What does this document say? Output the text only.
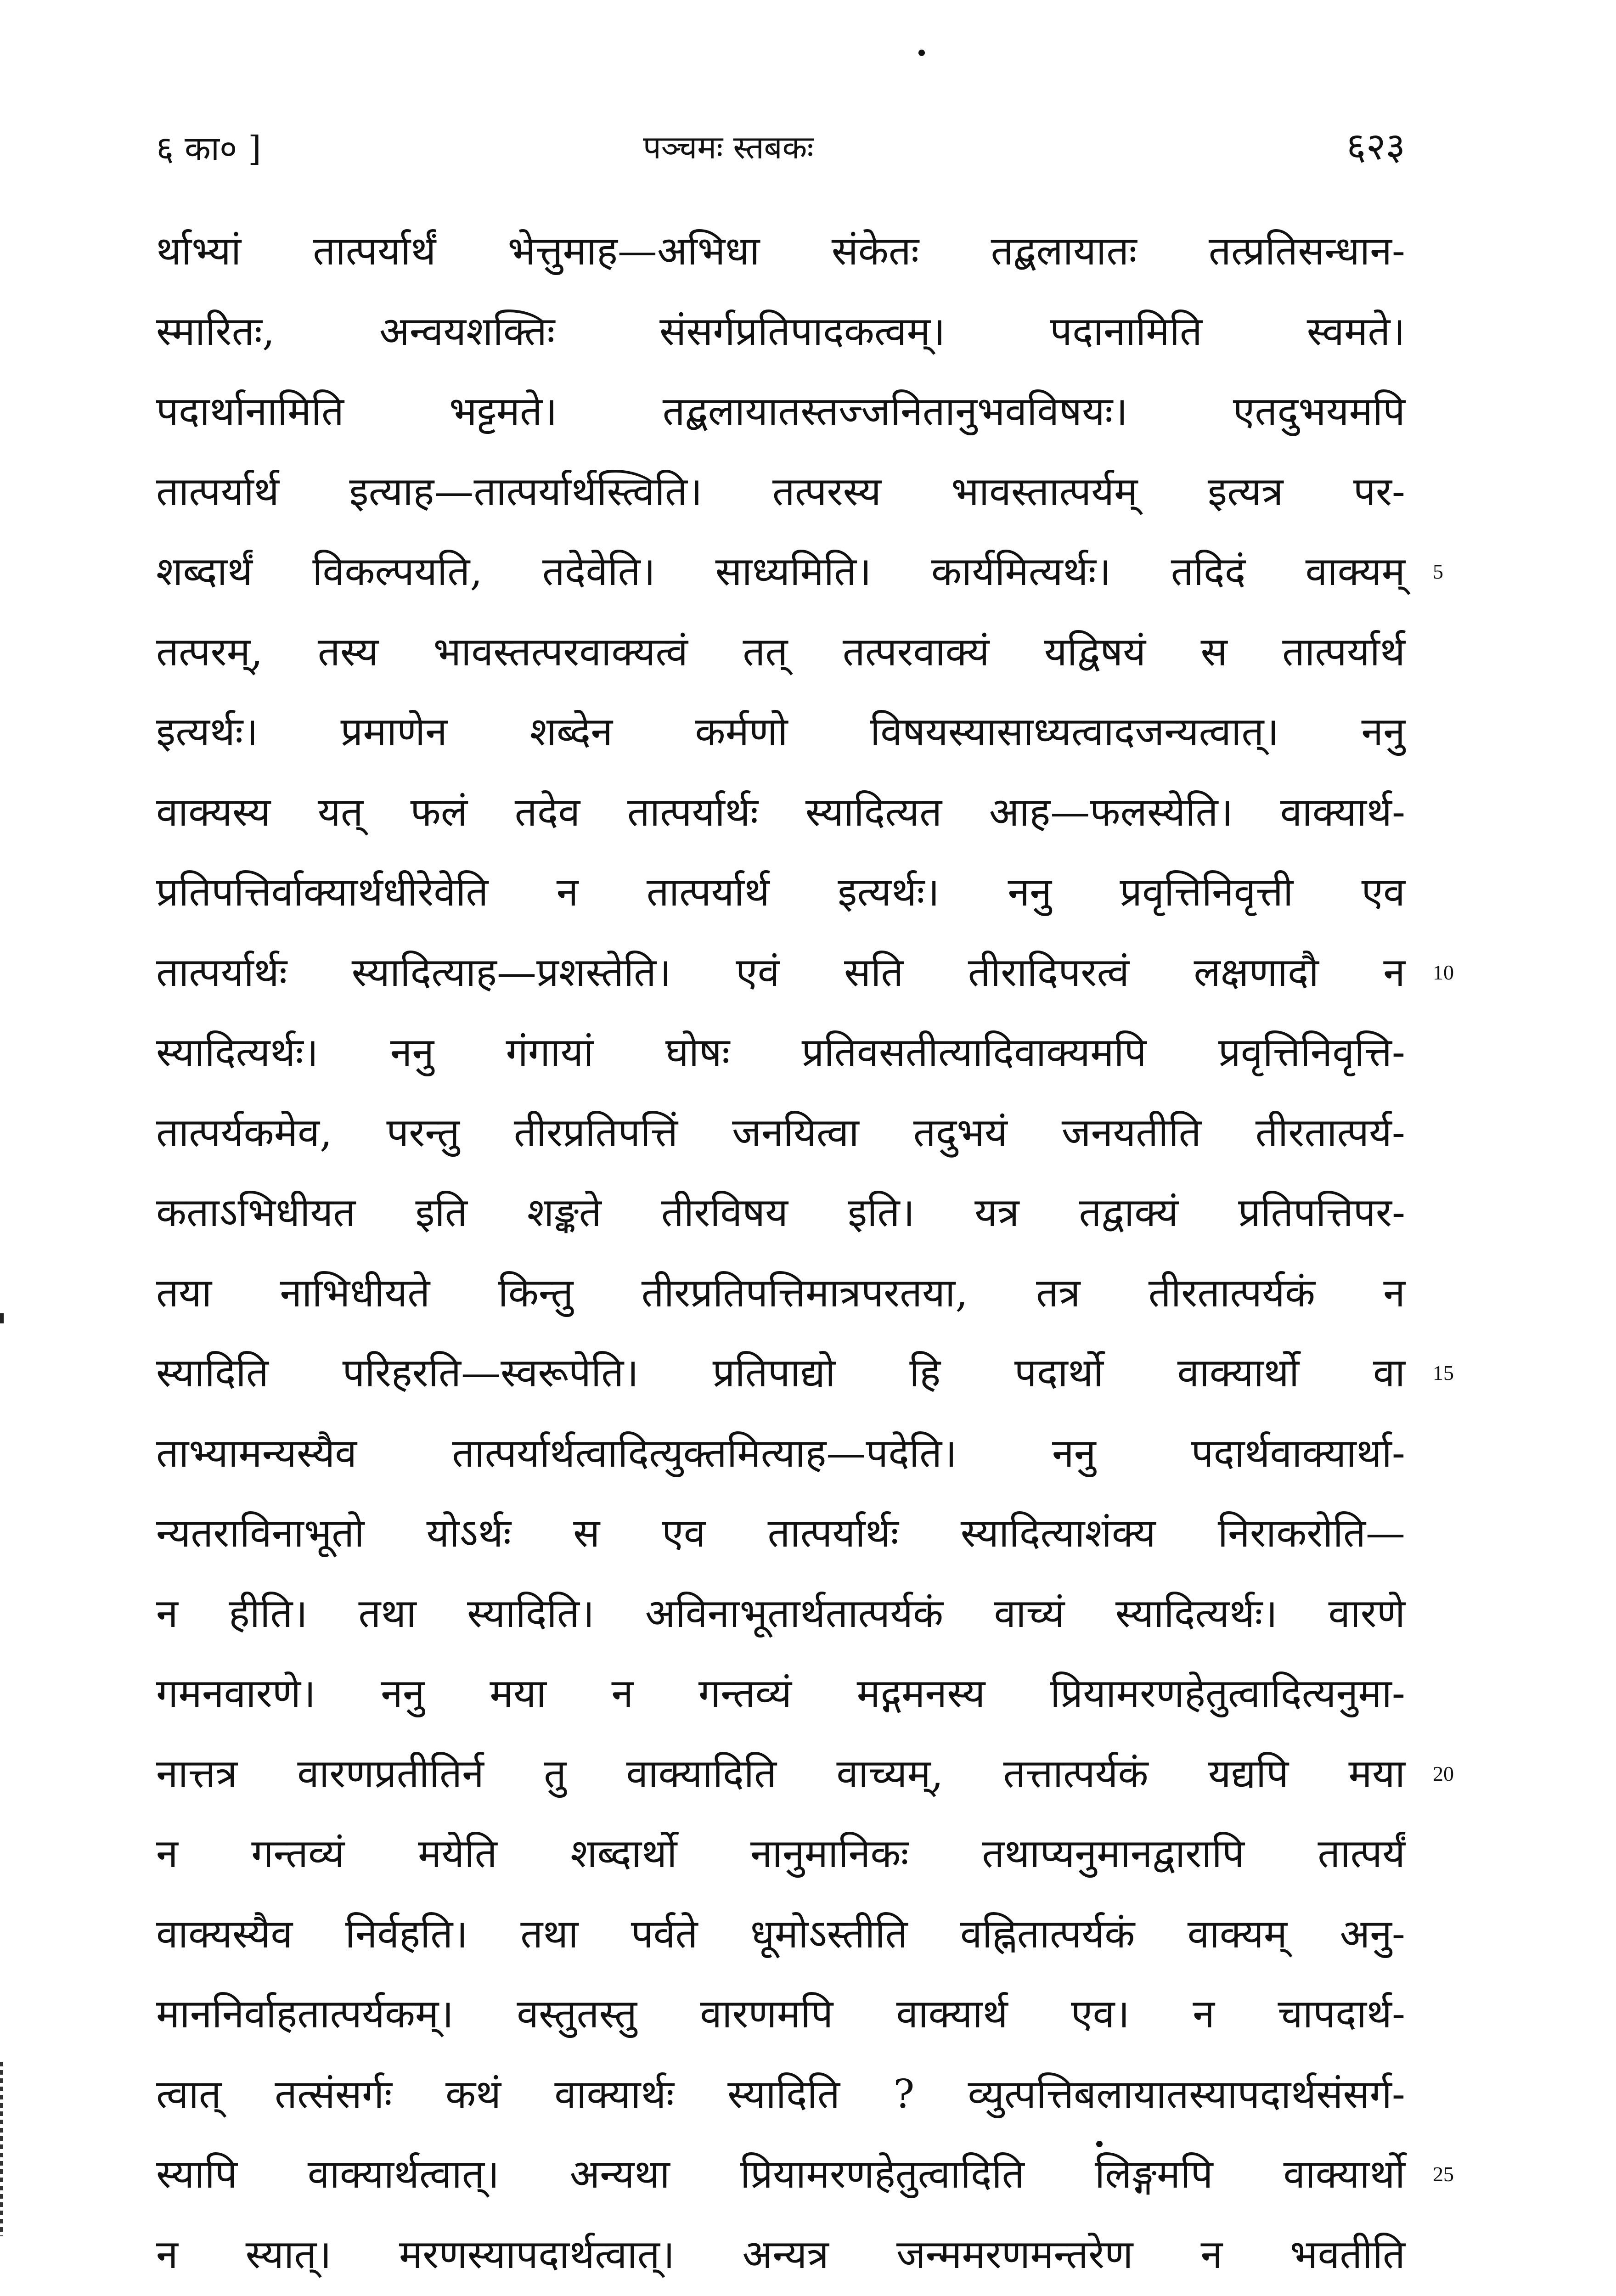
६ का० ]	पञ्चमः स्तबकः	६२३
र्थाभ्यां तात्पर्यार्थं भेत्तुमाह—अभिधा संकेतः तद्बलायातः तत्प्रतिसन्धान-
स्मारितः, अन्वयशक्तिः संसर्गप्रतिपादकत्वम्। पदानामिति स्वमते।
पदार्थानामिति भट्टमते। तद्बलायातस्तज्जनितानुभवविषयः। एतदुभयमपि
तात्पर्यार्थ इत्याह—तात्पर्यार्थस्त्विति। तत्परस्य भावस्तात्पर्यम् इत्यत्र पर-
शब्दार्थं विकल्पयति, तदेवेति। साध्यमिति। कार्यमित्यर्थः। तदिदं वाक्यम्
तत्परम्, तस्य भावस्तत्परवाक्यत्वं तत् तत्परवाक्यं यद्विषयं स तात्पर्यार्थ
इत्यर्थः। प्रमाणेन शब्देन कर्मणो विषयस्यासाध्यत्वादजन्यत्वात्। ननु
वाक्यस्य यत् फलं तदेव तात्पर्यार्थः स्यादित्यत आह—फलस्येति। वाक्यार्थ-
प्रतिपत्तिर्वाक्यार्थधीरेवेति न तात्पर्यार्थ इत्यर्थः। ननु प्रवृत्तिनिवृत्ती एव
तात्पर्यार्थः स्यादित्याह—प्रशस्तेति। एवं सति तीरादिपरत्वं लक्षणादौ न
स्यादित्यर्थः। ननु गंगायां घोषः प्रतिवसतीत्यादिवाक्यमपि प्रवृत्तिनिवृत्ति-
तात्पर्यकमेव, परन्तु तीरप्रतिपत्तिं जनयित्वा तदुभयं जनयतीति तीरतात्पर्य-
कताऽभिधीयत इति शङ्कते तीरविषय इति। यत्र तद्वाक्यं प्रतिपत्तिपर-
तया नाभिधीयते किन्तु तीरप्रतिपत्तिमात्रपरतया, तत्र तीरतात्पर्यकं न
स्यादिति परिहरति—स्वरूपेति। प्रतिपाद्यो हि पदार्थो वाक्यार्थो वा
ताभ्यामन्यस्यैव तात्पर्यार्थत्वादित्युक्तमित्याह—पदेति। ननु पदार्थवाक्यार्था-
न्यतराविनाभूतो योऽर्थः स एव तात्पर्यार्थः स्यादित्याशंक्य निराकरोति—
न हीति। तथा स्यादिति। अविनाभूतार्थतात्पर्यकं वाच्यं स्यादित्यर्थः। वारणे
गमनवारणे। ननु मया न गन्तव्यं मद्गमनस्य प्रियामरणहेतुत्वादित्यनुमा-
नात्तत्र वारणप्रतीतिर्न तु वाक्यादिति वाच्यम्, तत्तात्पर्यकं यद्यपि मया
न गन्तव्यं मयेति शब्दार्थो नानुमानिकः तथाप्यनुमानद्वारापि तात्पर्यं
वाक्यस्यैव निर्वहति। तथा पर्वते धूमोऽस्तीति वह्नितात्पर्यकं वाक्यम् अनु-
माननिर्वाहतात्पर्यकम्। वस्तुतस्तु वारणमपि वाक्यार्थ एव। न चापदार्थ-
त्वात् तत्संसर्गः कथं वाक्यार्थः स्यादिति ? व्युत्पत्तिबलायातस्यापदार्थसंसर्ग-
स्यापि वाक्यार्थत्वात्। अन्यथा प्रियामरणहेतुत्वादिति लिङ्गमपि वाक्यार्थो
न स्यात्। मरणस्यापदार्थत्वात्। अन्यत्र जन्ममरणमन्तरेण न भवतीति
5
10
15
20
25
